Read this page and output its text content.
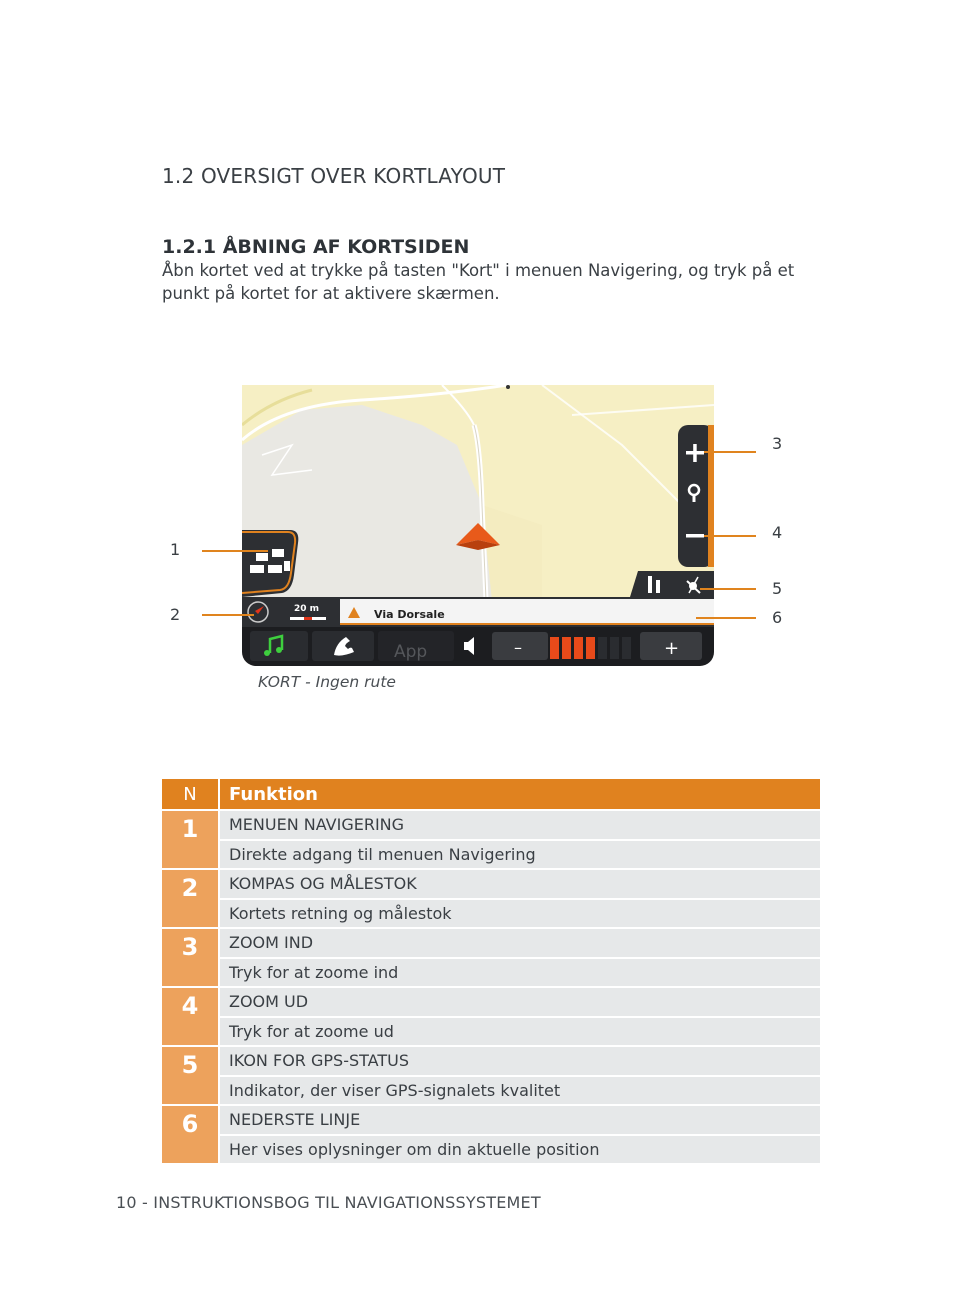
1.2 OVERSIGT OVER KORTLAYOUT
1.2.1 ÅBNING AF KORTSIDEN
Åbn kortet ved at trykke på tasten "Kort" i menuen Navigering, og tryk på et punkt på kortet for at aktivere skærmen.
20 m	Via Dorsale
App	–	+
1
2
3
4
5
6
KORT - Ingen rute
N	Funktion
1	MENUEN NAVIGERING
Direkte adgang til menuen Navigering
2	KOMPAS OG MÅLESTOK
Kortets retning og målestok
3	ZOOM IND
Tryk for at zoome ind
4	ZOOM UD
Tryk for at zoome ud
5	IKON FOR GPS-STATUS
Indikator, der viser GPS-signalets kvalitet
6	NEDERSTE LINJE
Her vises oplysninger om din aktuelle position
10 - INSTRUKTIONSBOG TIL NAVIGATIONSSYSTEMET
